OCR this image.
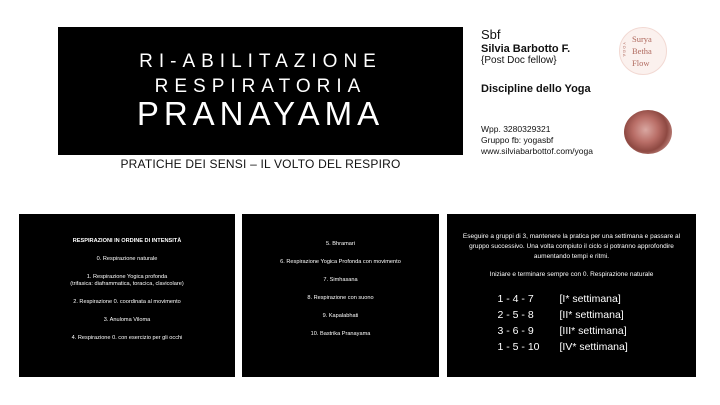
RI-ABILITAZIONE
RESPIRATORIA
PRANAYAMA
PRATICHE DEI SENSI – IL VOLTO DEL RESPIRO
Sbf
Silvia Barbotto F.
{Post Doc fellow}
Discipline dello Yoga
Wpp. 3280329321
Gruppo fb: yogasbf
www.silviabarbottof.com/yoga
YOGA
Surya
Betha
Flow

RESPIRAZIONI IN ORDINE DI INTENSITÀ

0. Respirazione naturale

1. Respirazione Yogica profonda

(trifasica: diaframmatica, toracica, clavicolare)

2. Respirazione 0. coordinata al movimento

3. Anuloma Viloma

4. Respirazione 0. con esercizio per gli occhi

5. Bhramari

6. Respirazione Yogica Profonda con movimento

7. Simhasana

8. Respirazione con suono

9. Kapalabhati

10. Bastrika Pranayama

Eseguire a gruppi di 3, mantenere la pratica per una settimana e passare al gruppo successivo. Una volta compiuto il ciclo si potranno approfondire aumentando tempi e ritmi.

Iniziare e terminare sempre con 0. Respirazione naturale

1 - 4 - 7	[I* settimana]
2 - 5 - 8	[II* settimana]
3 - 6 - 9	[III* settimana]
1 - 5 - 10	[IV* settimana]
